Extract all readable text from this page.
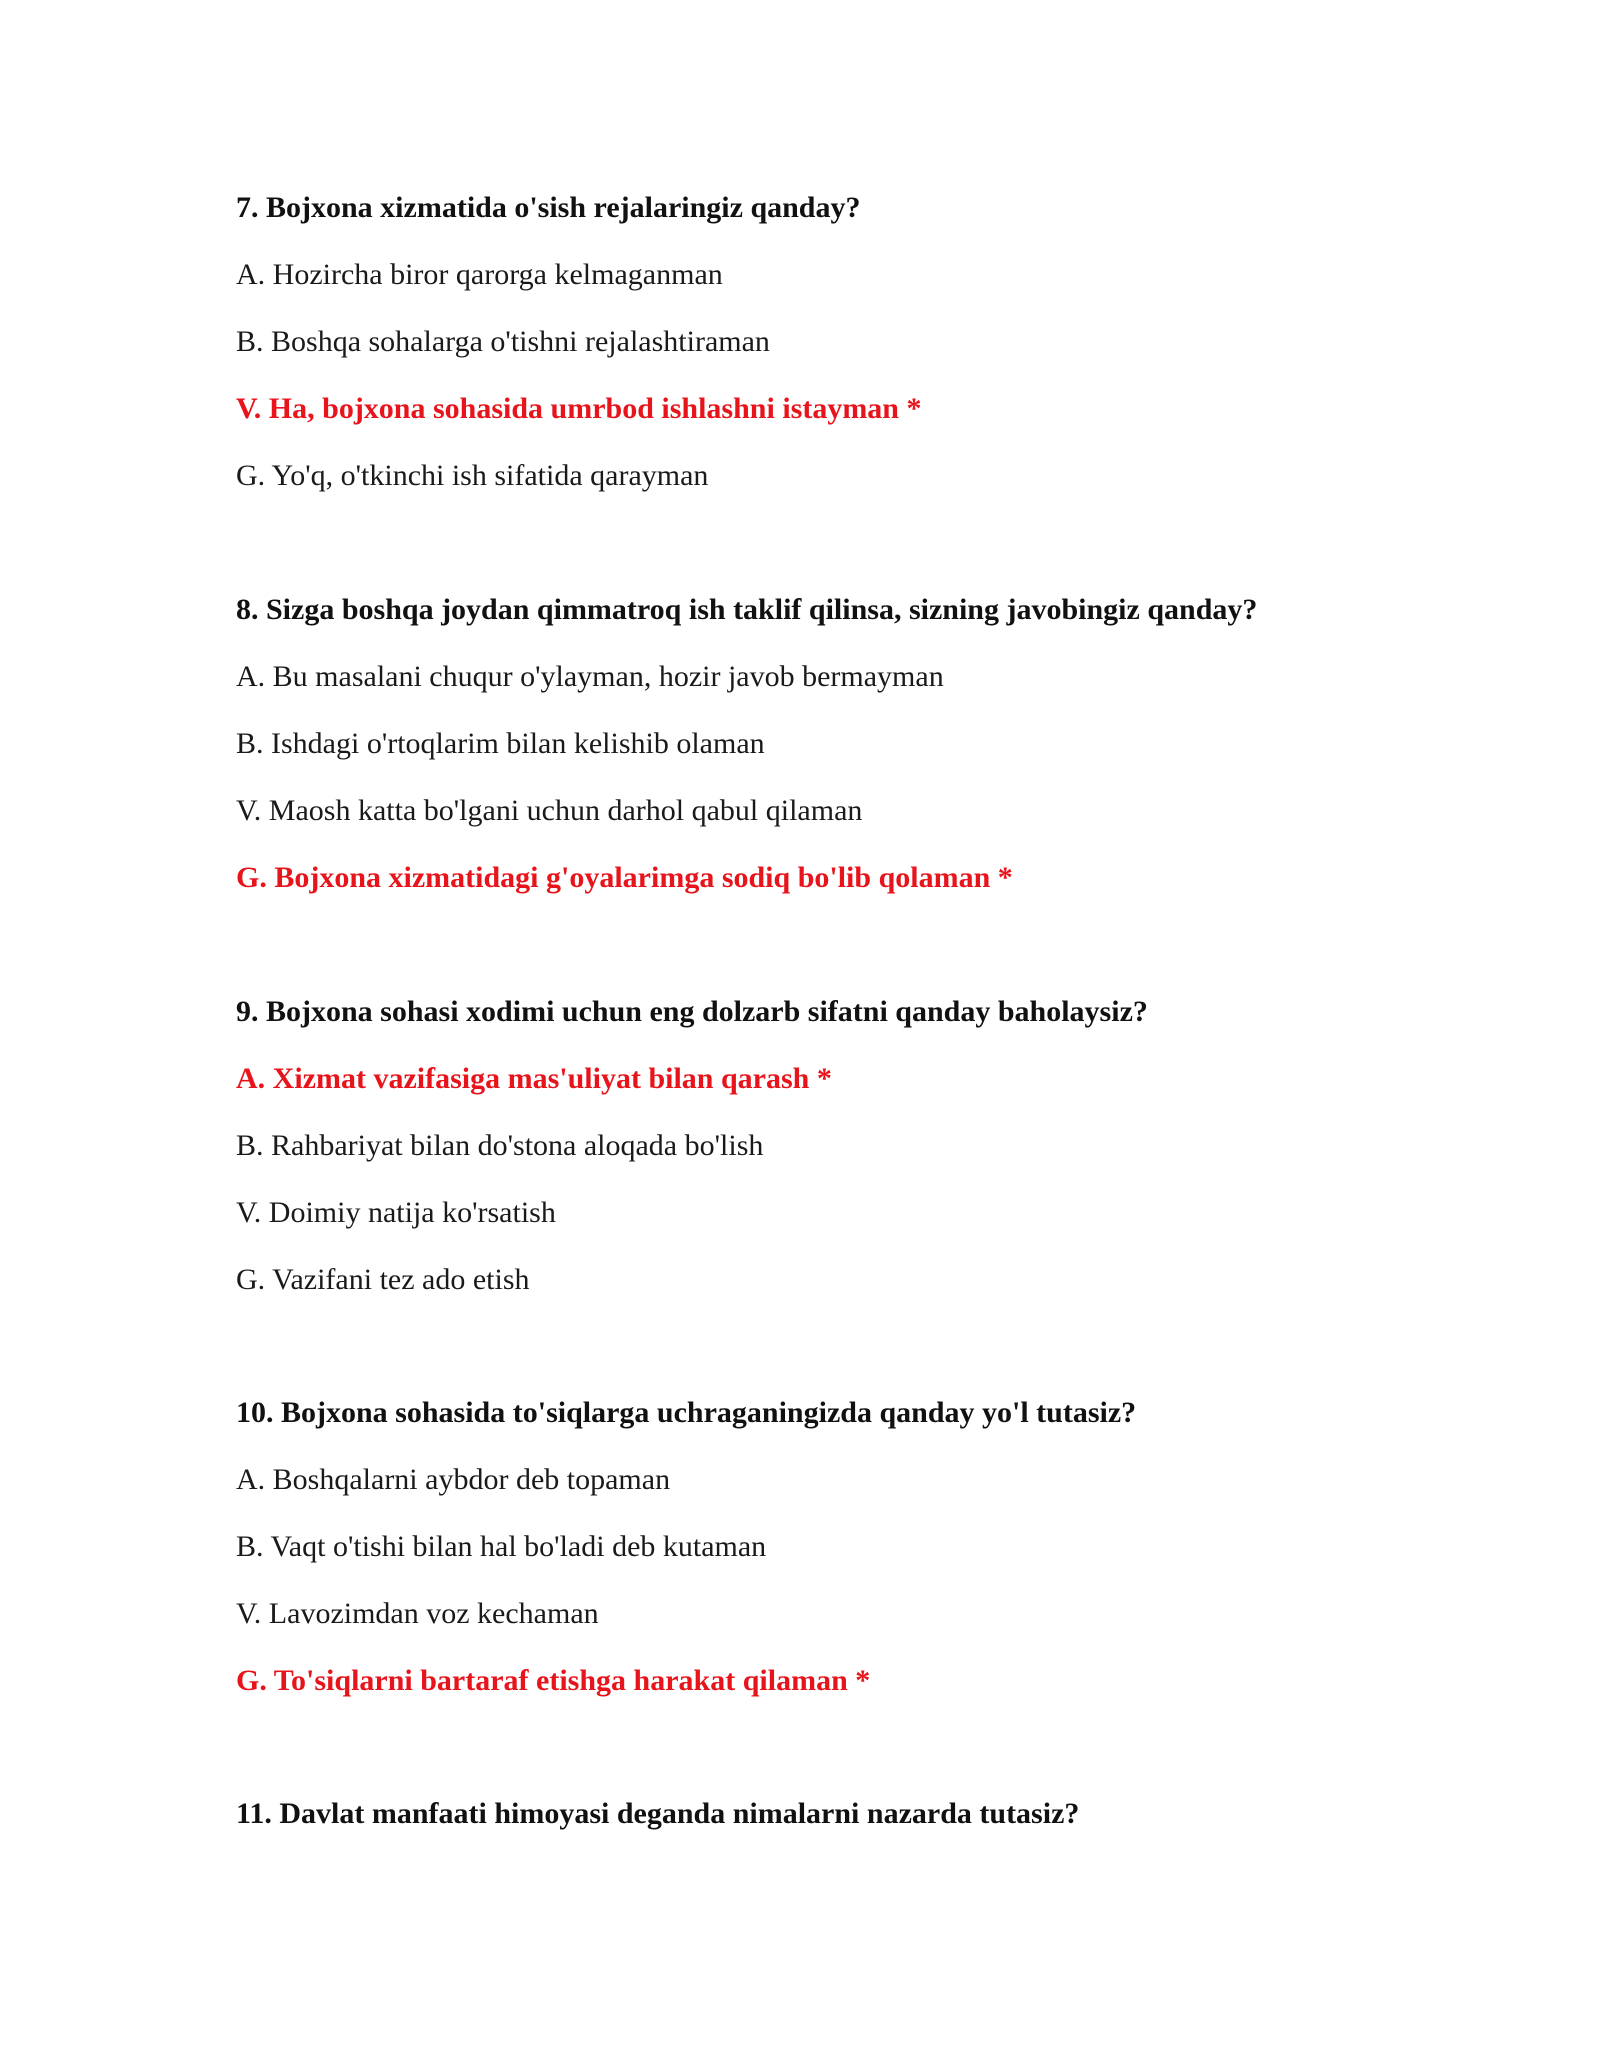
7. Bojxona xizmatida o'sish rejalaringiz qanday?

A. Hozircha biror qarorga kelmaganman

B. Boshqa sohalarga o'tishni rejalashtiraman

V. Ha, bojxona sohasida umrbod ishlashni istayman *

G. Yo'q, o'tkinchi ish sifatida qarayman

8. Sizga boshqa joydan qimmatroq ish taklif qilinsa, sizning javobingiz qanday?

A. Bu masalani chuqur o'ylayman, hozir javob bermayman

B. Ishdagi o'rtoqlarim bilan kelishib olaman

V. Maosh katta bo'lgani uchun darhol qabul qilaman

G. Bojxona xizmatidagi g'oyalarimga sodiq bo'lib qolaman *

9. Bojxona sohasi xodimi uchun eng dolzarb sifatni qanday baholaysiz?

A. Xizmat vazifasiga mas'uliyat bilan qarash *

B. Rahbariyat bilan do'stona aloqada bo'lish

V. Doimiy natija ko'rsatish

G. Vazifani tez ado etish

10. Bojxona sohasida to'siqlarga uchraganingizda qanday yo'l tutasiz?

A. Boshqalarni aybdor deb topaman

B. Vaqt o'tishi bilan hal bo'ladi deb kutaman

V. Lavozimdan voz kechaman

G. To'siqlarni bartaraf etishga harakat qilaman *

11. Davlat manfaati himoyasi deganda nimalarni nazarda tutasiz?
